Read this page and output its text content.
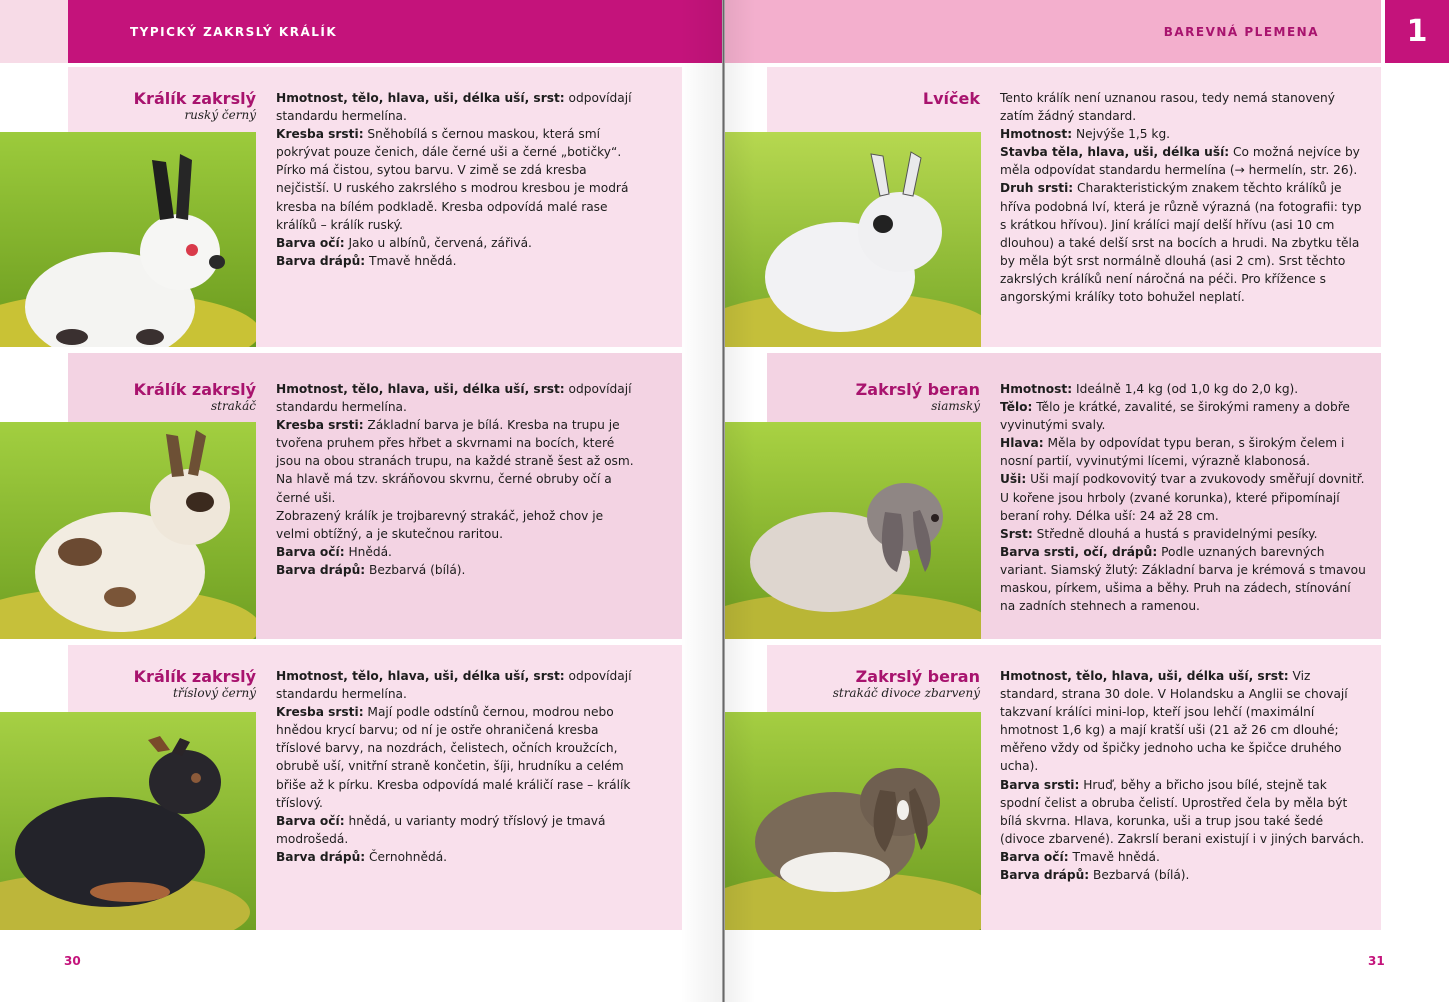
TYPICKÝ ZAKRSLÝ KRÁLÍK	BAREVNÁ PLEMENA	1
Králík zakrslý
ruský černý
Králík zakrslý
strakáč
Králík zakrslý
tříslový černý
Lvíček
Zakrslý beran
siamský
Zakrslý beran
strakáč divoce zbarvený

Hmotnost, tělo, hlava, uši, délka uší, srst: odpovídají standardu hermelína.

Kresba srsti: Sněhobílá s černou maskou, která smí pokrývat pouze čenich, dále černé uši a černé „botičky“. Pírko má čistou, sytou barvu. V zimě se zdá kresba nejčistší. U ruského zakrslého s modrou kresbou je modrá kresba na bílém podkladě. Kresba odpovídá malé rase králíků – králík ruský.

Barva očí: Jako u albínů, červená, zářivá.

Barva drápů: Tmavě hnědá.

Hmotnost, tělo, hlava, uši, délka uší, srst: odpovídají standardu hermelína.

Kresba srsti: Základní barva je bílá. Kresba na trupu je tvořena pruhem přes hřbet a skvrnami na bocích, které jsou na obou stranách trupu, na každé straně šest až osm. Na hlavě má tzv. skráňovou skvrnu, černé obruby očí a černé uši.

Zobrazený králík je trojbarevný strakáč, jehož chov je velmi obtížný, a je skutečnou raritou.

Barva očí: Hnědá.

Barva drápů: Bezbarvá (bílá).

Hmotnost, tělo, hlava, uši, délka uší, srst: odpovídají standardu hermelína.

Kresba srsti: Mají podle odstínů černou, modrou nebo hnědou krycí barvu; od ní je ostře ohraničená kresba tříslové barvy, na nozdrách, čelistech, očních kroužcích, obrubě uší, vnitřní straně končetin, šíji, hrudníku a celém břiše až k pírku. Kresba odpovídá malé králičí rase – králík tříslový.

Barva očí: hnědá, u varianty modrý tříslový je tmavá modrošedá.

Barva drápů: Černohnědá.

Tento králík není uznanou rasou, tedy nemá stanovený zatím žádný standard.

Hmotnost: Nejvýše 1,5 kg.

Stavba těla, hlava, uši, délka uší: Co možná nejvíce by měla odpovídat standardu hermelína (→ hermelín, str. 26).

Druh srsti: Charakteristickým znakem těchto králíků je hříva podobná lví, která je různě výrazná (na fotografii: typ s krátkou hřívou). Jiní králíci mají delší hřívu (asi 10 cm dlouhou) a také delší srst na bocích a hrudi. Na zbytku těla by měla být srst normálně dlouhá (asi 2 cm). Srst těchto zakrslých králíků není náročná na péči. Pro křížence s angorskými králíky toto bohužel neplatí.

Hmotnost: Ideálně 1,4 kg (od 1,0 kg do 2,0 kg).

Tělo: Tělo je krátké, zavalité, se širokými rameny a dobře vyvinutými svaly.

Hlava: Měla by odpovídat typu beran, s širokým čelem i nosní partií, vyvinutými lícemi, výrazně klabonosá.

Uši: Uši mají podkovovitý tvar a zvukovody směřují dovnitř. U kořene jsou hrboly (zvané korunka), které připomínají beraní rohy. Délka uší: 24 až 28 cm.

Srst: Středně dlouhá a hustá s pravidelnými pesíky.

Barva srsti, očí, drápů: Podle uznaných barevných variant. Siamský žlutý: Základní barva je krémová s tmavou maskou, pírkem, ušima a běhy. Pruh na zádech, stínování na zadních stehnech a ramenou.

Hmotnost, tělo, hlava, uši, délka uší, srst: Viz standard, strana 30 dole. V Holandsku a Anglii se chovají takzvaní králíci mini-lop, kteří jsou lehčí (maximální hmotnost 1,6 kg) a mají kratší uši (21 až 26 cm dlouhé; měřeno vždy od špičky jednoho ucha ke špičce druhého ucha).

Barva srsti: Hruď, běhy a břicho jsou bílé, stejně tak spodní čelist a obruba čelistí. Uprostřed čela by měla být bílá skvrna. Hlava, korunka, uši a trup jsou také šedé (divoce zbarvené). Zakrslí berani existují i v jiných barvách.

Barva očí: Tmavě hnědá.

Barva drápů: Bezbarvá (bílá).

30	31
